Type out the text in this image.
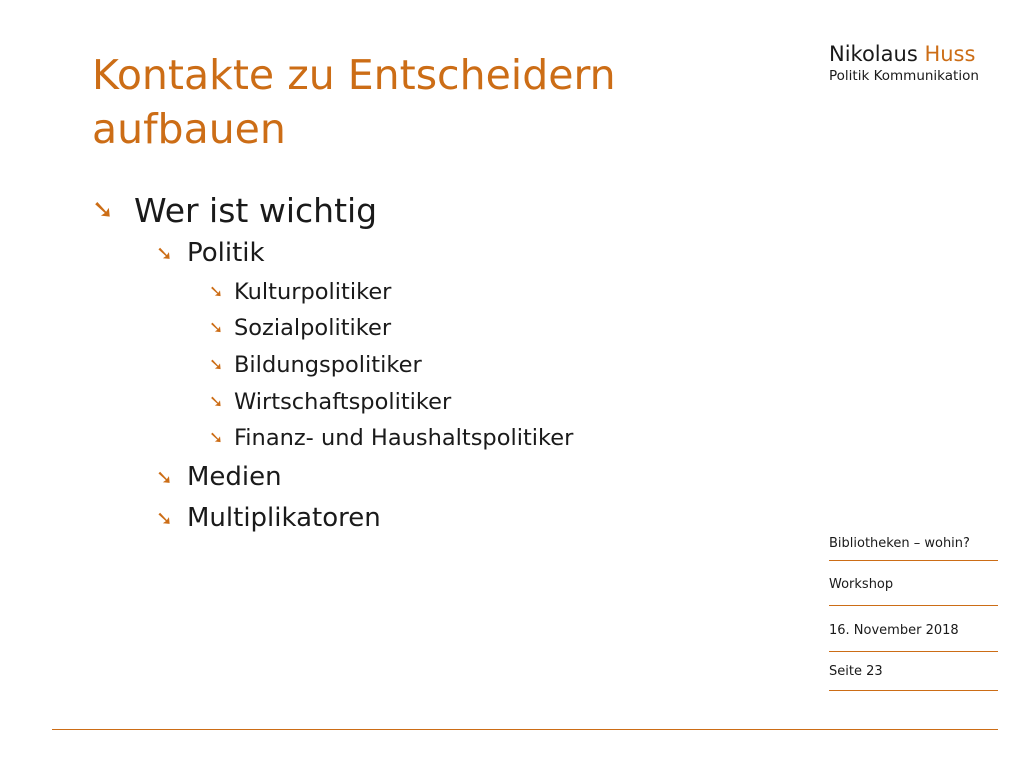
Kontakte zu Entscheidern aufbauen
Nikolaus Huss
Politik Kommunikation
➘ Wer ist wichtig
➘ Politik
➘ Kulturpolitiker
➘ Sozialpolitiker
➘ Bildungspolitiker
➘ Wirtschaftspolitiker
➘ Finanz- und Haushaltspolitiker
➘ Medien
➘ Multiplikatoren
Bibliotheken – wohin?
Workshop
16. November 2018
Seite 23
